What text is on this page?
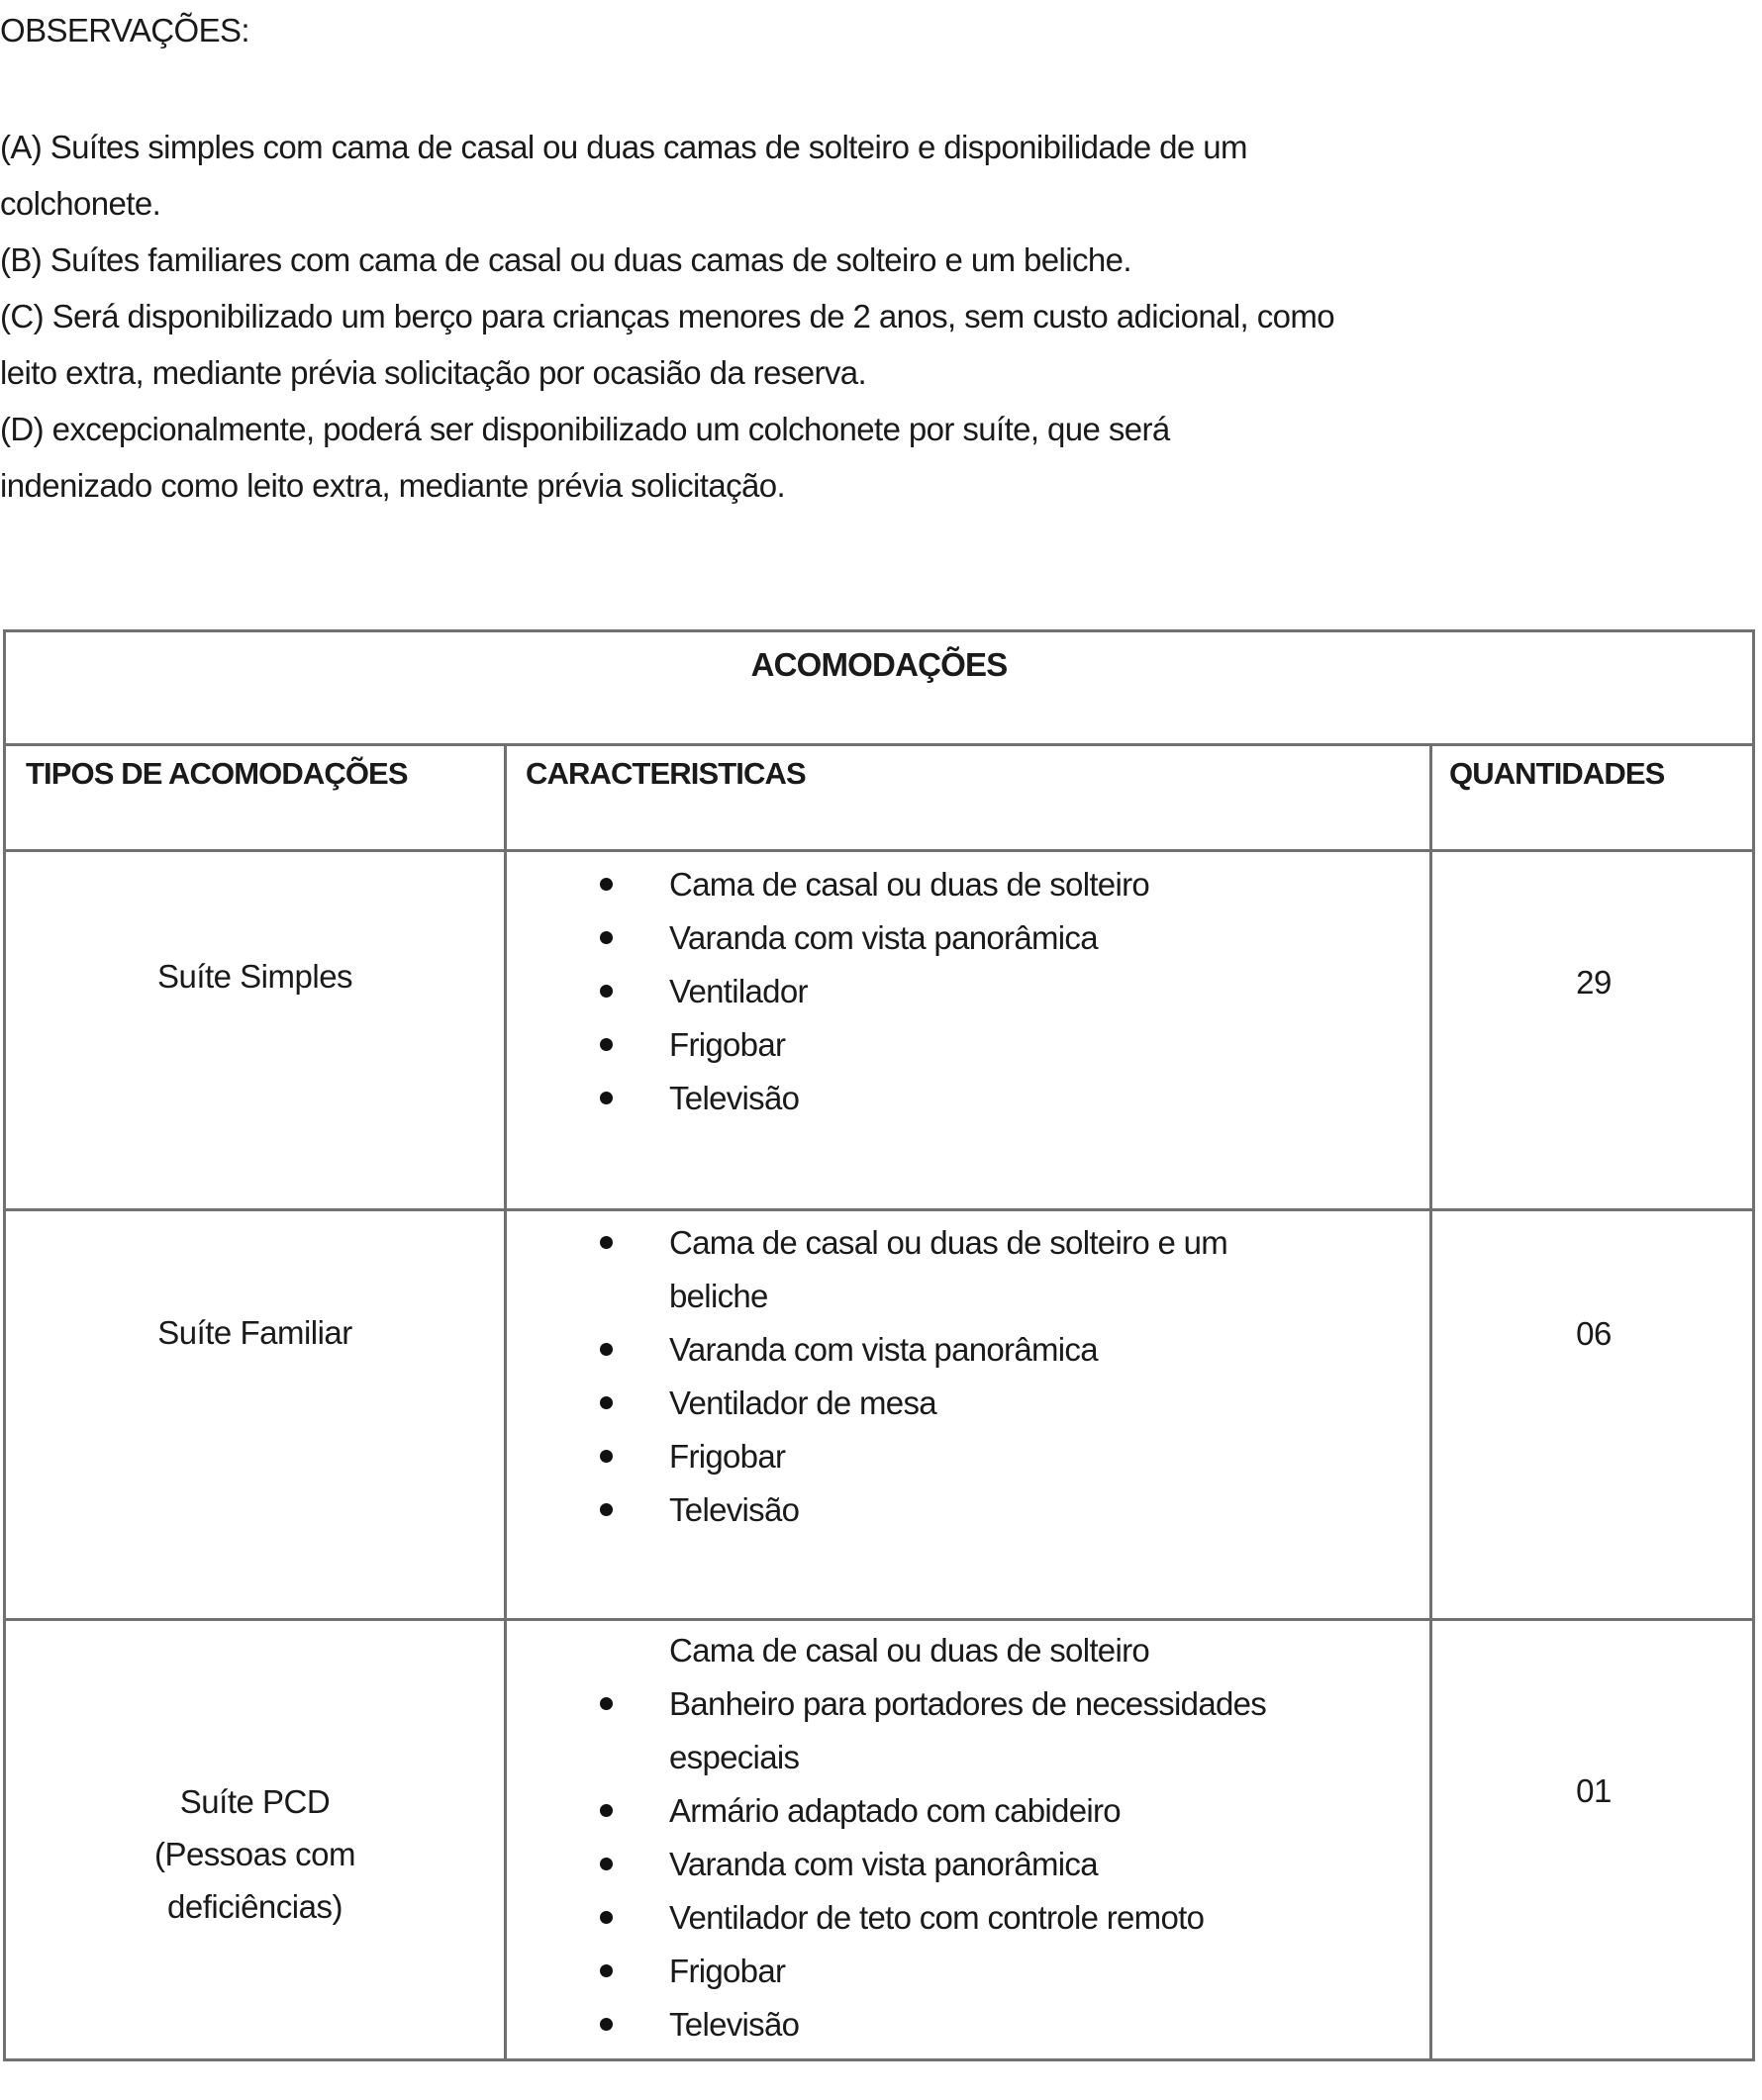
OBSERVAÇÕES:
(A) Suítes simples com cama de casal ou duas camas de solteiro e disponibilidade de um
colchonete.
(B) Suítes familiares com cama de casal ou duas camas de solteiro e um beliche.
(C) Será disponibilizado um berço para crianças menores de 2 anos, sem custo adicional, como
leito extra, mediante prévia solicitação por ocasião da reserva.
(D) excepcionalmente, poderá ser disponibilizado um colchonete por suíte, que será
indenizado como leito extra, mediante prévia solicitação.
ACOMODAÇÕES
TIPOS DE ACOMODAÇÕES	CARACTERISTICAS	QUANTIDADES
Suíte Simples
Cama de casal ou duas de solteiro
Varanda com vista panorâmica
Ventilador
Frigobar
Televisão
29
Suíte Familiar
Cama de casal ou duas de solteiro e um
beliche
Varanda com vista panorâmica
Ventilador de mesa
Frigobar
Televisão
06
Suíte PCD
(Pessoas com
deficiências)
Cama de casal ou duas de solteiro
Banheiro para portadores de necessidades
especiais
Armário adaptado com cabideiro
Varanda com vista panorâmica
Ventilador de teto com controle remoto
Frigobar
Televisão
01
